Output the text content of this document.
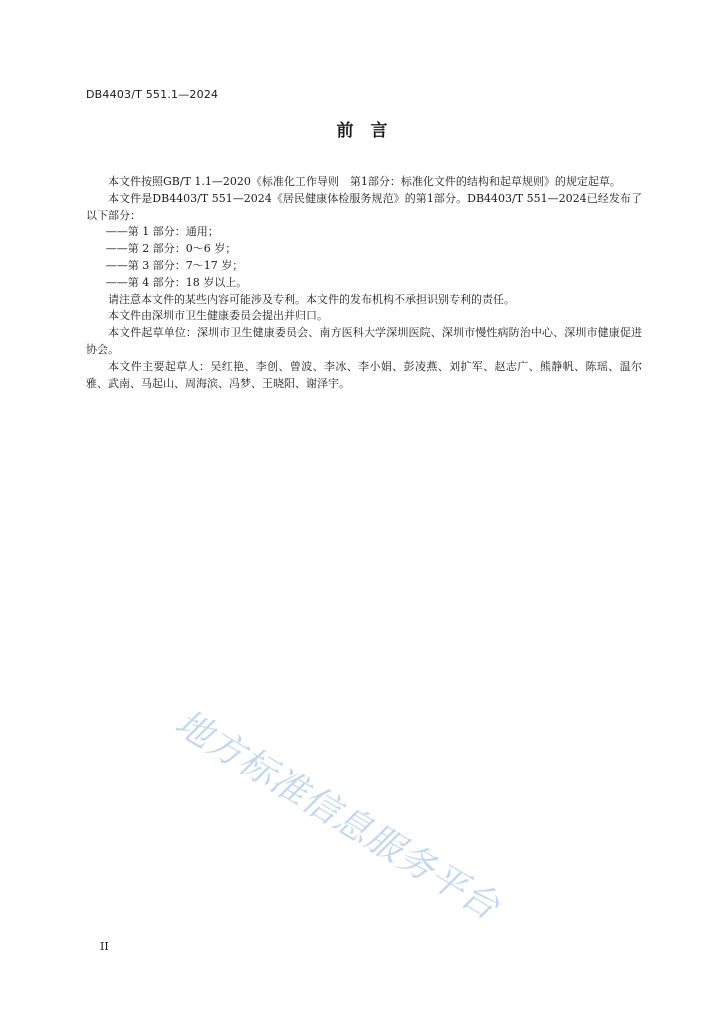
DB4403/T 551.1—2024
前　言

本文件按照GB/T 1.1—2020《标准化工作导则　第1部分：标准化文件的结构和起草规则》的规定起草。

本文件是DB4403/T 551—2024《居民健康体检服务规范》的第1部分。DB4403/T 551—2024已经发布了以下部分：

——第 1 部分：通用；

——第 2 部分：0～6 岁；

——第 3 部分：7～17 岁；

——第 4 部分：18 岁以上。

请注意本文件的某些内容可能涉及专利。本文件的发布机构不承担识别专利的责任。

本文件由深圳市卫生健康委员会提出并归口。

本文件起草单位：深圳市卫生健康委员会、南方医科大学深圳医院、深圳市慢性病防治中心、深圳市健康促进协会。

本文件主要起草人：吴红艳、李创、曾波、李冰、李小娟、彭凌燕、刘扩军、赵志广、熊静帆、陈瑶、温尔雅、武南、马起山、周海滨、冯梦、王晓阳、谢泽宇。

地方标准信息服务平台
II
